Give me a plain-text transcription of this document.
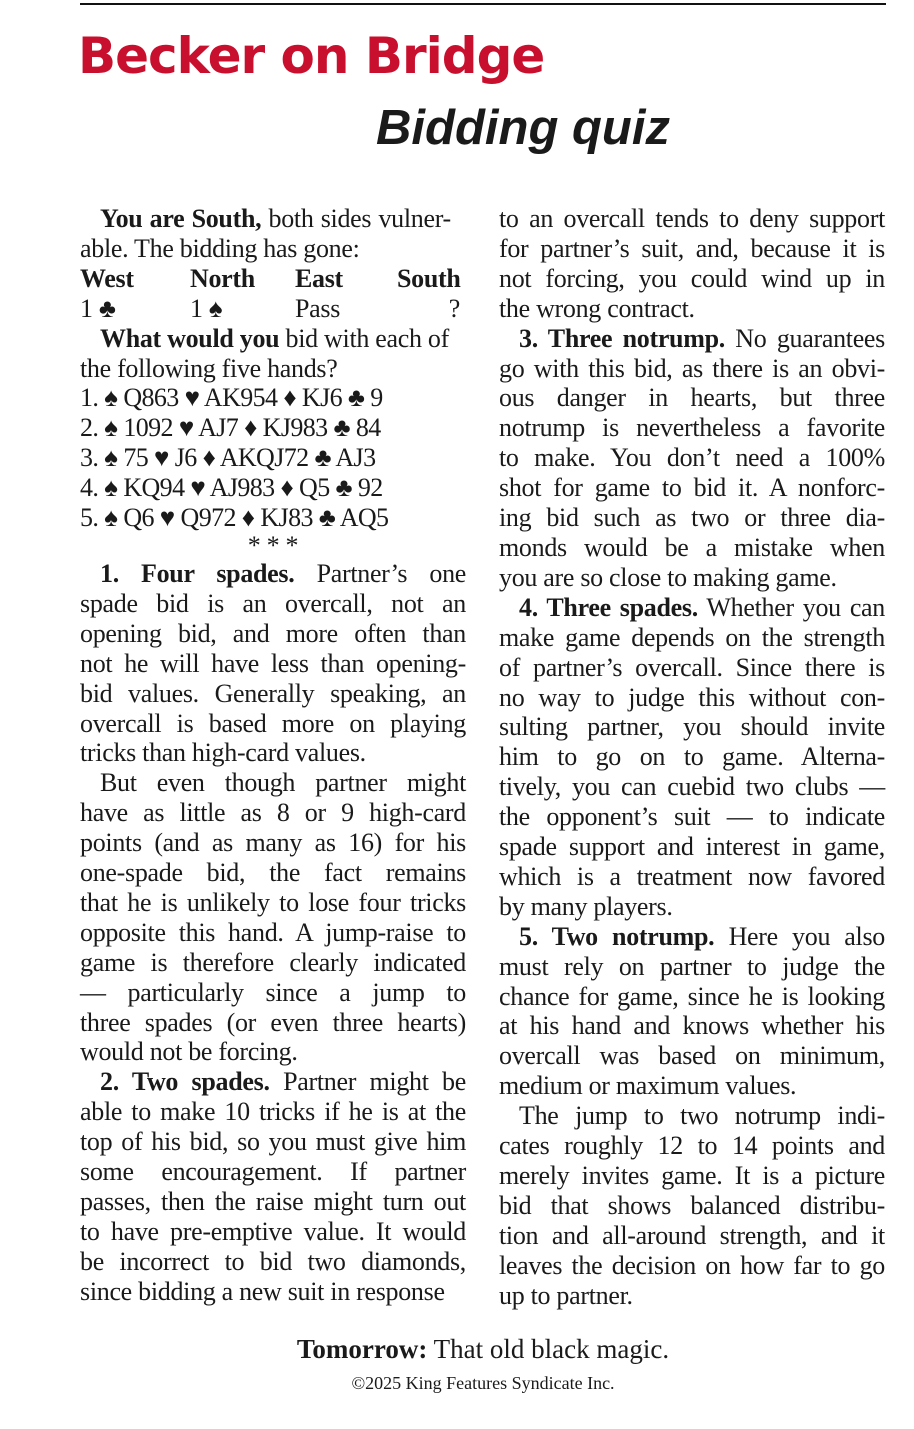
Becker on Bridge
Bidding quiz
You are South, both sides vulner-
able. The bidding has gone:
West	North	East	South
1 ♣	1 ♠	Pass	?
What would you bid with each of
the following five hands?
1. ♠ Q863 ♥ AK954 ♦ KJ6 ♣ 9
2. ♠ 1092 ♥ AJ7 ♦ KJ983 ♣ 84
3. ♠ 75 ♥ J6 ♦ AKQJ72 ♣ AJ3
4. ♠ KQ94 ♥ AJ983 ♦ Q5 ♣ 92
5. ♠ Q6 ♥ Q972 ♦ KJ83 ♣ AQ5
* * *
1. Four spades. Partner’s one
spade bid is an overcall, not an
opening bid, and more often than
not he will have less than opening-
bid values. Generally speaking, an
overcall is based more on playing
tricks than high-card values.
But even though partner might
have as little as 8 or 9 high-card
points (and as many as 16) for his
one-spade bid, the fact remains
that he is unlikely to lose four tricks
opposite this hand. A jump-raise to
game is therefore clearly indicated
— particularly since a jump to
three spades (or even three hearts)
would not be forcing.
2. Two spades. Partner might be
able to make 10 tricks if he is at the
top of his bid, so you must give him
some encouragement. If partner
passes, then the raise might turn out
to have pre-emptive value. It would
be incorrect to bid two diamonds,
since bidding a new suit in response
to an overcall tends to deny support
for partner’s suit, and, because it is
not forcing, you could wind up in
the wrong contract.
3. Three notrump. No guarantees
go with this bid, as there is an obvi-
ous danger in hearts, but three
notrump is nevertheless a favorite
to make. You don’t need a 100%
shot for game to bid it. A nonforc-
ing bid such as two or three dia-
monds would be a mistake when
you are so close to making game.
4. Three spades. Whether you can
make game depends on the strength
of partner’s overcall. Since there is
no way to judge this without con-
sulting partner, you should invite
him to go on to game. Alterna-
tively, you can cuebid two clubs —
the opponent’s suit — to indicate
spade support and interest in game,
which is a treatment now favored
by many players.
5. Two notrump. Here you also
must rely on partner to judge the
chance for game, since he is looking
at his hand and knows whether his
overcall was based on minimum,
medium or maximum values.
The jump to two notrump indi-
cates roughly 12 to 14 points and
merely invites game. It is a picture
bid that shows balanced distribu-
tion and all-around strength, and it
leaves the decision on how far to go
up to partner.
Tomorrow: That old black magic.
©2025 King Features Syndicate Inc.
